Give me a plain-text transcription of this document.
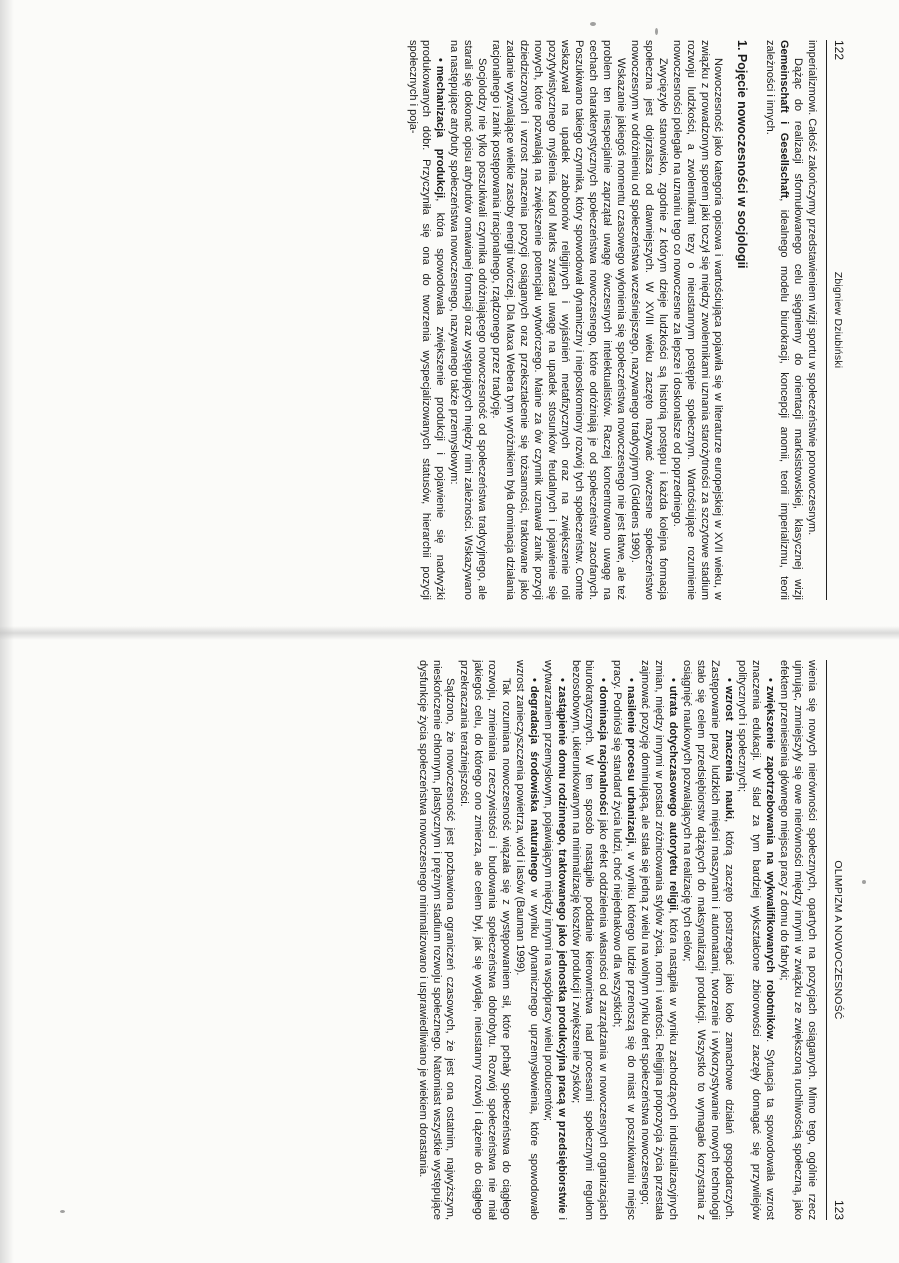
122
Zbigniew Dziubiński

imperializmowi. Całość zakończymy przedstawieniem wizji sportu w społeczeństwie ponowoczesnym.

Dążąc do realizacji sformułowanego celu sięgniemy do orientacji marksistowskiej, klasycznej wizji Gemeinschaft i Gesellschaft, idealnego modelu biurokracji, koncepcji anomii, teorii imperializmu, teorii zależności i innych.

1. Pojęcie nowoczesności w socjologii

Nowoczesność jako kategoria opisowa i wartościująca pojawiła się w literaturze europejskiej w XVII wieku, w związku z prowadzonym sporem jaki toczył się między zwolennikami uznania starożytności za szczytowe stadium rozwoju ludzkości, a zwolennikami tezy o nieustannym postępie społecznym. Wartościujące rozumienie nowoczesności polegało na uznaniu tego co nowoczesne za lepsze i doskonalsze od poprzedniego.

Zwycięzyło stanowisko, zgodnie z którym dzieje ludzkości są historią postępu i każda kolejna formacja społeczna jest dojrzalsza od dawniejszych. W XVIII wieku zaczęto nazywać ówczesne społeczeństwo nowoczesnym w odróżnieniu od społeczeństwa wcześniejszego, nazywanego tradycyjnym (Giddens 1990).

Wskazanie jakiegoś momentu czasowego wyłonienia się społeczeństwa nowoczesnego nie jest łatwe, ale też problem ten niespecjalnie zaprzątał uwagę ówczesnych intelektualistów. Raczej koncentrowano uwagę na cechach charakterystycznych społeczeństwa nowoczesnego, które odróżniają je od społeczeństw zacofanych. Poszukiwano takiego czynnika, który spowodował dynamiczny i nieposkromiony rozwój tych społeczeństw. Comte wskazywał na upadek zabobonów religijnych i wyjaśnień metafizycznych oraz na zwiększenie roli pozytywistycznego myślenia. Karol Marks zwracał uwagę na upadek stosunków feudalnych i pojawienie się nowych, które pozwalają na zwiększenie potencjału wytwórczego. Maine za ów czynnik uznawał zanik pozycji dziedziczonych i wzrost znaczenia pozycji osiąganych oraz przekształcenie się tożsamości, traktowane jako zadanie wyzwalające wielkie zasoby energii twórczej. Dla Maxa Webera tym wyróżnikiem była dominacja działania racjonalnego i zanik postępowania irracjonalnego, rządzonego przez tradycję.

Socjolodzy nie tylko poszukiwali czynnika odróżniającego nowoczesność od społeczeństwa tradycyjnego, ale starali się dokonać opisu atrybutów omawianej formacji oraz występujących między nimi zależności. Wskazywano na następujące atrybuty społeczeństwa nowoczesnego, nazywanego także przemysłowym:

•mechanizacja produkcji, która spowodowała zwiększenie produkcji i pojawienie się nadwyżki produkowanych dóbr. Przyczyniła się ona do tworzenia wyspecjalizowanych statusów, hierarchii pozycji społecznych i poja-

OLIMPIZM A NOWOCZESNOŚĆ
123

wienia się nowych nierówności społecznych, opartych na pozycjach osiąganych. Mimo tego, ogólnie rzecz ujmując, zmniejszyły się owe nierówności między innymi w związku ze zwiększoną ruchliwością społeczną, jako efektem przeniesienia głównego miejsca pracy z domu do fabryki;

•zwiększenie zapotrzebowania na wykwalifikowanych robotników. Sytuacja ta spowodowała wzrost znaczenia edukacji. W ślad za tym bardziej wykształcone zbiorowości zaczęły domagać się przywilejów politycznych i społecznych;

•wzrost znaczenia nauki, którą zaczęto postrzegać jako koło zamachowe działań gospodarczych. Zastępowanie pracy ludzkich mięśni maszynami i automatami, tworzenie i wykorzystywanie nowych technologii stało się celem przedsiębiorstw dążących do maksymalizacji produkcji. Wszystko to wymagało korzystania z osiągnięć naukowych pozwalających na realizację tych celów;

•utrata dotychczasowego autorytetu religii, która nastąpiła w wyniku zachodzących industrializacyjnych zmian, między innymi w postaci zróżnicowania stylów życia, norm i wartości. Religijna propozycja życia przestała zajmować pozycję dominującą, ale stała się jedną z wielu na wolnym rynku ofert społeczeństwa nowoczesnego;

•nasilenie procesu urbanizacji, w wyniku którego ludzie przenoszą się do miast w poszukiwaniu miejsc pracy. Podniósł się standard życia ludzi, choć niejednakowo dla wszystkich;

•dominacja racjonalności jako efekt oddzielenia własności od zarządzania w nowoczesnych organizacjach biurokratycznych. W ten sposób nastąpiło poddanie kierownictwa nad procesami społecznymi regułom bezosobowym, ukierunkowanym na minimalizację kosztów produkcji i zwiększenie zysków;

•zastąpienie domu rodzinnego, traktowanego jako jednostka produkcyjna pracą w przedsiębiorstwie i wytwarzaniem przemysłowym, pojawiającym między innymi na współpracy wielu producentów;

•degradacja środowiska naturalnego w wyniku dynamicznego uprzemysłowienia, które spowodowało wzrost zanieczyszczenia powietrza, wód i lasów (Bauman 1999).

Tak rozumiana nowoczesność wiązała się z występowaniem sił, które pchały społeczeństwa do ciągłego rozwoju, zmieniania rzeczywistości i budowania społeczeństwa dobrobytu. Rozwój społeczeństwa nie miał jakiegoś celu, do którego ono zmierza, ale celem był, jak się wydaje, nieustanny rozwój i dążenie do ciągłego przekraczania teraźniejszości.

Sądzono, że nowoczesność jest pozbawiona ograniczeń czasowych, że jest ona ostatnim, najwyższym, nieskończenie chłonnym, plastycznym i prężnym stadium rozwoju społecznego. Natomiast wszystkie występujące dysfunkcje życia społeczeństwa nowoczesnego minimalizowano i usprawiedliwiano je wiekiem dorastania.
